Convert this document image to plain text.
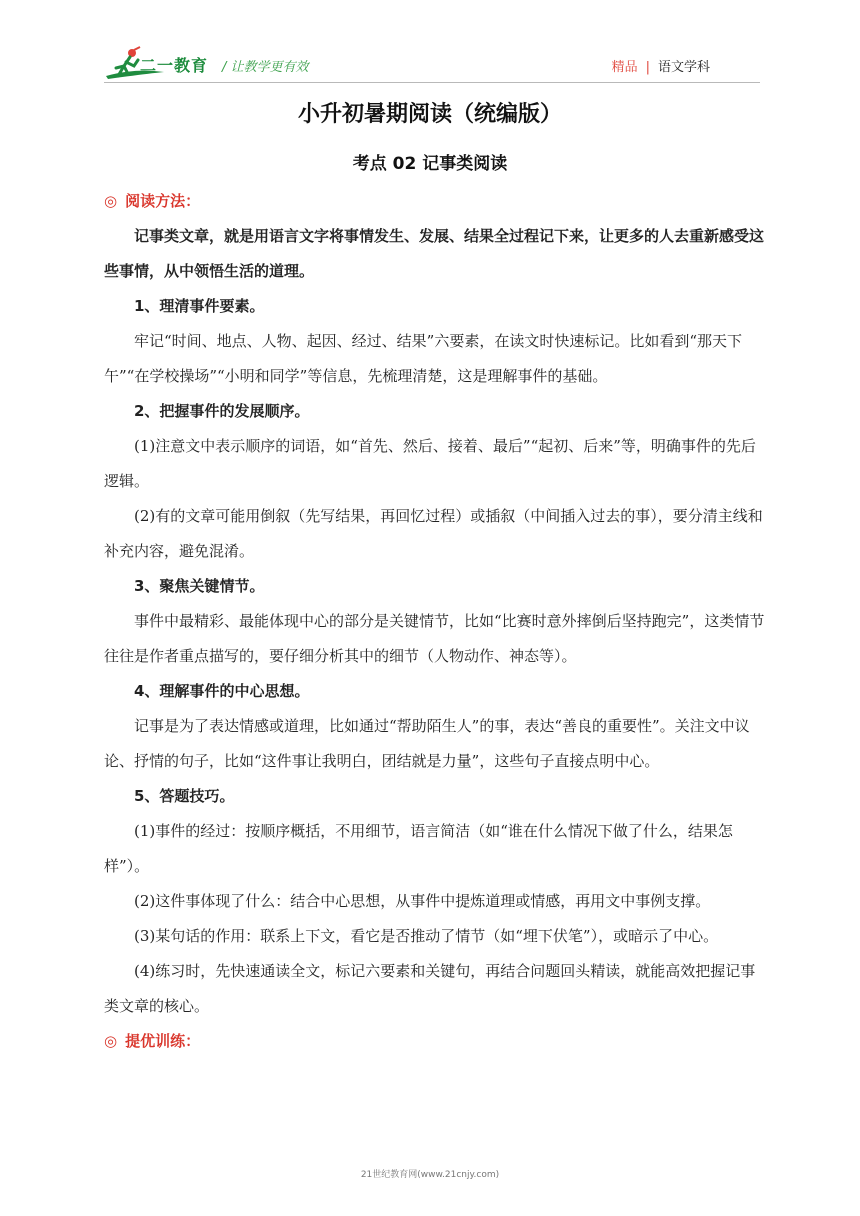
二一教育 / 让教学更有效	精品 | 语文学科
小升初暑期阅读（统编版）
考点 02 记事类阅读

◎ 阅读方法：

记事类文章，就是用语言文字将事情发生、发展、结果全过程记下来，让更多的人去重新感受这些事情，从中领悟生活的道理。

1、理清事件要素。

牢记“时间、地点、人物、起因、经过、结果”六要素，在读文时快速标记。比如看到“那天下午”“在学校操场”“小明和同学”等信息，先梳理清楚，这是理解事件的基础。

2、把握事件的发展顺序。

(1)注意文中表示顺序的词语，如“首先、然后、接着、最后”“起初、后来”等，明确事件的先后逻辑。

(2)有的文章可能用倒叙（先写结果，再回忆过程）或插叙（中间插入过去的事），要分清主线和补充内容，避免混淆。

3、聚焦关键情节。

事件中最精彩、最能体现中心的部分是关键情节，比如“比赛时意外摔倒后坚持跑完”，这类情节往往是作者重点描写的，要仔细分析其中的细节（人物动作、神态等）。

4、理解事件的中心思想。

记事是为了表达情感或道理，比如通过“帮助陌生人”的事，表达“善良的重要性”。关注文中议论、抒情的句子，比如“这件事让我明白，团结就是力量”，这些句子直接点明中心。

5、答题技巧。

(1)事件的经过：按顺序概括，不用细节，语言简洁（如“谁在什么情况下做了什么，结果怎样”）。

(2)这件事体现了什么：结合中心思想，从事件中提炼道理或情感，再用文中事例支撑。

(3)某句话的作用：联系上下文，看它是否推动了情节（如“埋下伏笔”），或暗示了中心。

(4)练习时，先快速通读全文，标记六要素和关键句，再结合问题回头精读，就能高效把握记事类文章的核心。

◎ 提优训练：

21世纪教育网(www.21cnjy.com)
